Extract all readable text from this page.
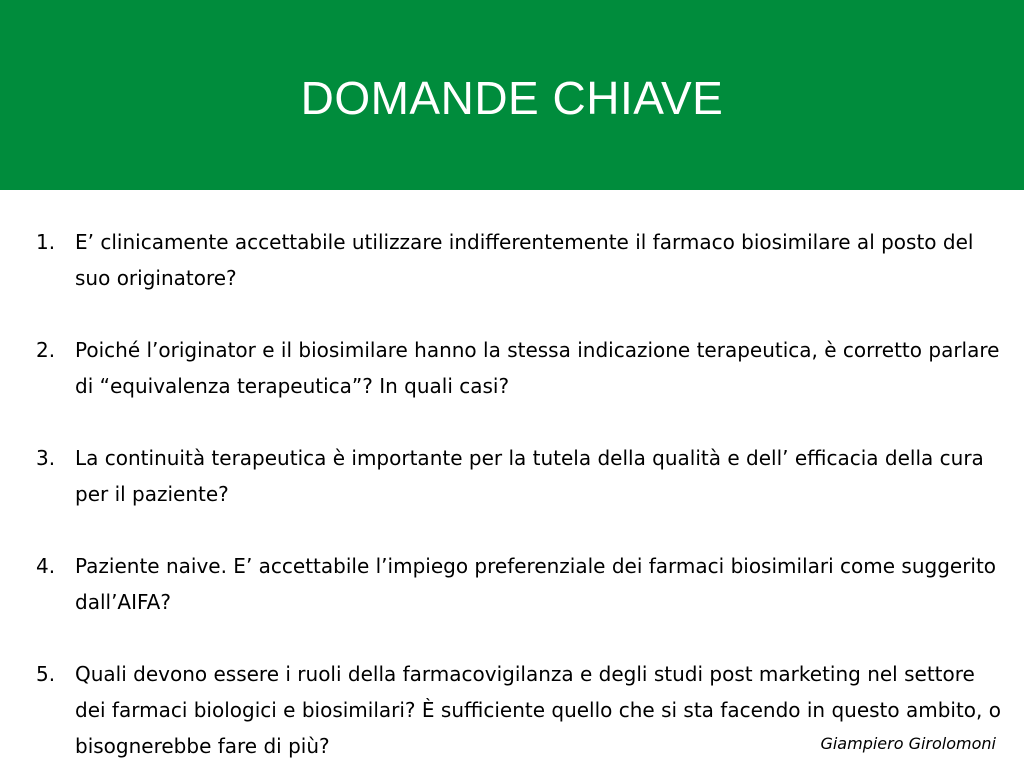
DOMANDE CHIAVE
1. E’ clinicamente accettabile utilizzare indifferentemente il farmaco biosimilare al posto del suo originatore?
2. Poiché l’originator e il biosimilare hanno la stessa indicazione terapeutica, è corretto parlare di “equivalenza terapeutica”? In quali casi?
3. La continuità terapeutica è importante per la tutela della qualità e dell’ efficacia della cura per il paziente?
4. Paziente naive. E’ accettabile l’impiego preferenziale dei farmaci biosimilari come suggerito dall’AIFA?
5. Quali devono essere i ruoli della farmacovigilanza e degli studi post marketing nel settore dei farmaci biologici e biosimilari? È sufficiente quello che si sta facendo in questo ambito, o bisognerebbe fare di più?	Giampiero Girolomoni
